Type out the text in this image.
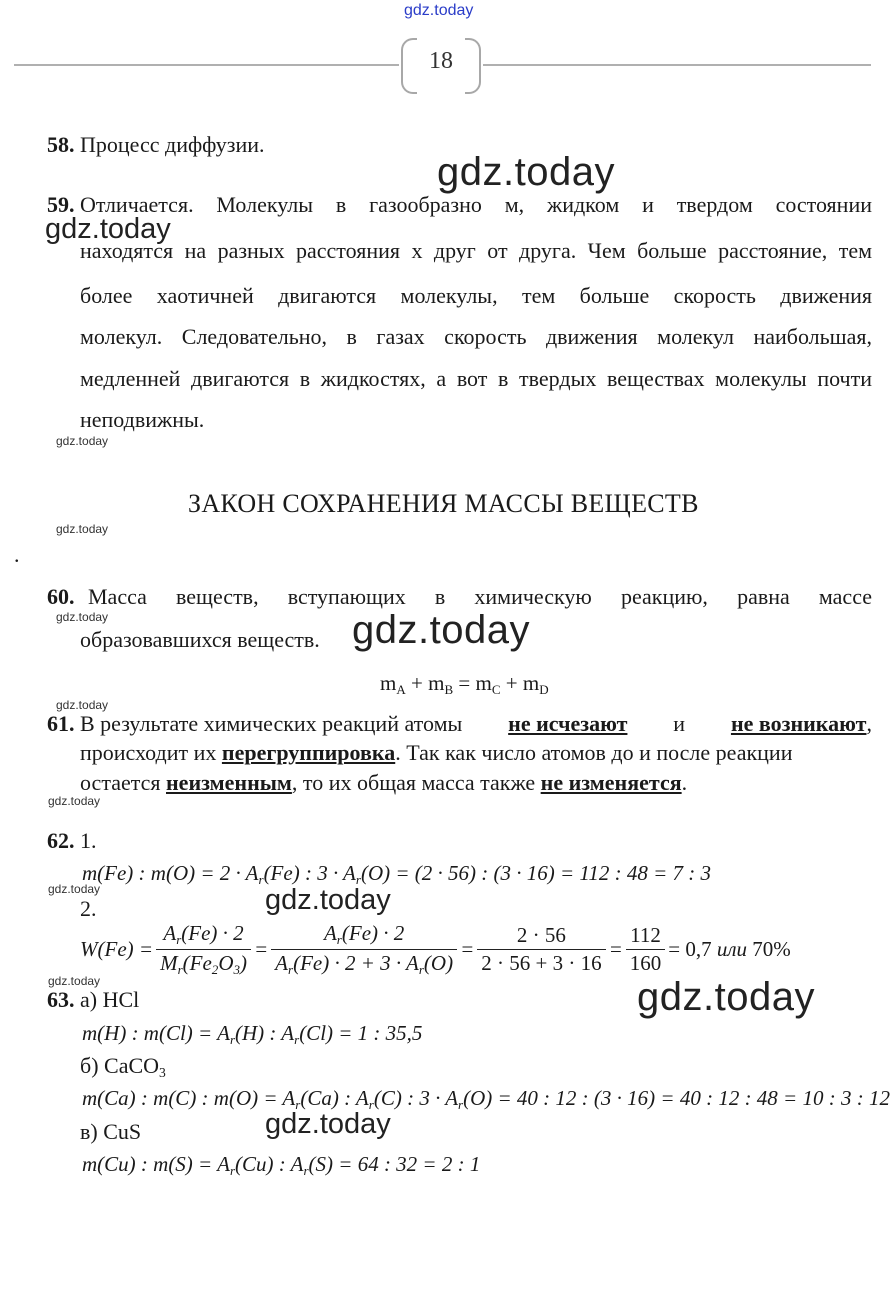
gdz.today
18
58. Процесс диффузии.
59. Отличается. Молекулы в газообразно м, жидком и твердом состоянии
находятся на разных расстояния х друг от друга. Чем больше расстояние, тем
более хаотичней двигаются молекулы, тем больше скорость движения
молекул. Следовательно, в газах скорость движения молекул наибольшая,
медленней двигаются в жидкостях, а вот в твердых веществах молекулы почти
неподвижны.
ЗАКОН СОХРАНЕНИЯ МАССЫ ВЕЩЕСТВ
.
60. Масса веществ, вступающих в химическую реакцию, равна массе
образовавшихся веществ.
$m_A + m_B = m_C + m_D$
61. В результате химических реакций атомы не исчезают и не возникают,
происходит их перегруппировка. Так как число атомов до и после реакции
остается неизменным, то их общая масса также не изменяется.
62. 1.
m(Fe) : $m(O) = 2 \cdot A_r(Fe)$ : $3 \cdot A_r(O) = (2 \cdot 56)$ : (3 · 16) = 112 : 48 = 7 : 3
2.
$W(Fe) = \frac{A_r(Fe) \cdot 2}{M_r(Fe_2O_3)} = \frac{A_r(Fe) \cdot 2}{A_r(Fe) \cdot 2 + 3 \cdot A_r(O)} = \frac{2 \cdot 56}{2 \cdot 56 + 3 \cdot 16} = \frac{112}{160} = 0,7$
или
70%
63. а) HCl
m(H) : $m(Cl) = A_r(H)$ : $A_r(Cl) = 1$ : 35,5
б) CaCO$_3$
m(Ca) : m(C) : $m(O) = A_r(Ca)$ : $A_r(C)$ : $3 \cdot A_r(O) = 40$ : 12 : (3 · 16) = 40 : 12 : 48 = 10 : 3 : 12
в) CuS
m(Cu) : $m(S) = A_r(Cu)$ : $A_r(S) = 64$ : 32 = 2 : 1
gdz.today
gdz.today
gdz.today
gdz.today
gdz.today	gdz.today
gdz.today
gdz.today
gdz.today	gdz.today
gdz.today	gdz.today
gdz.today
